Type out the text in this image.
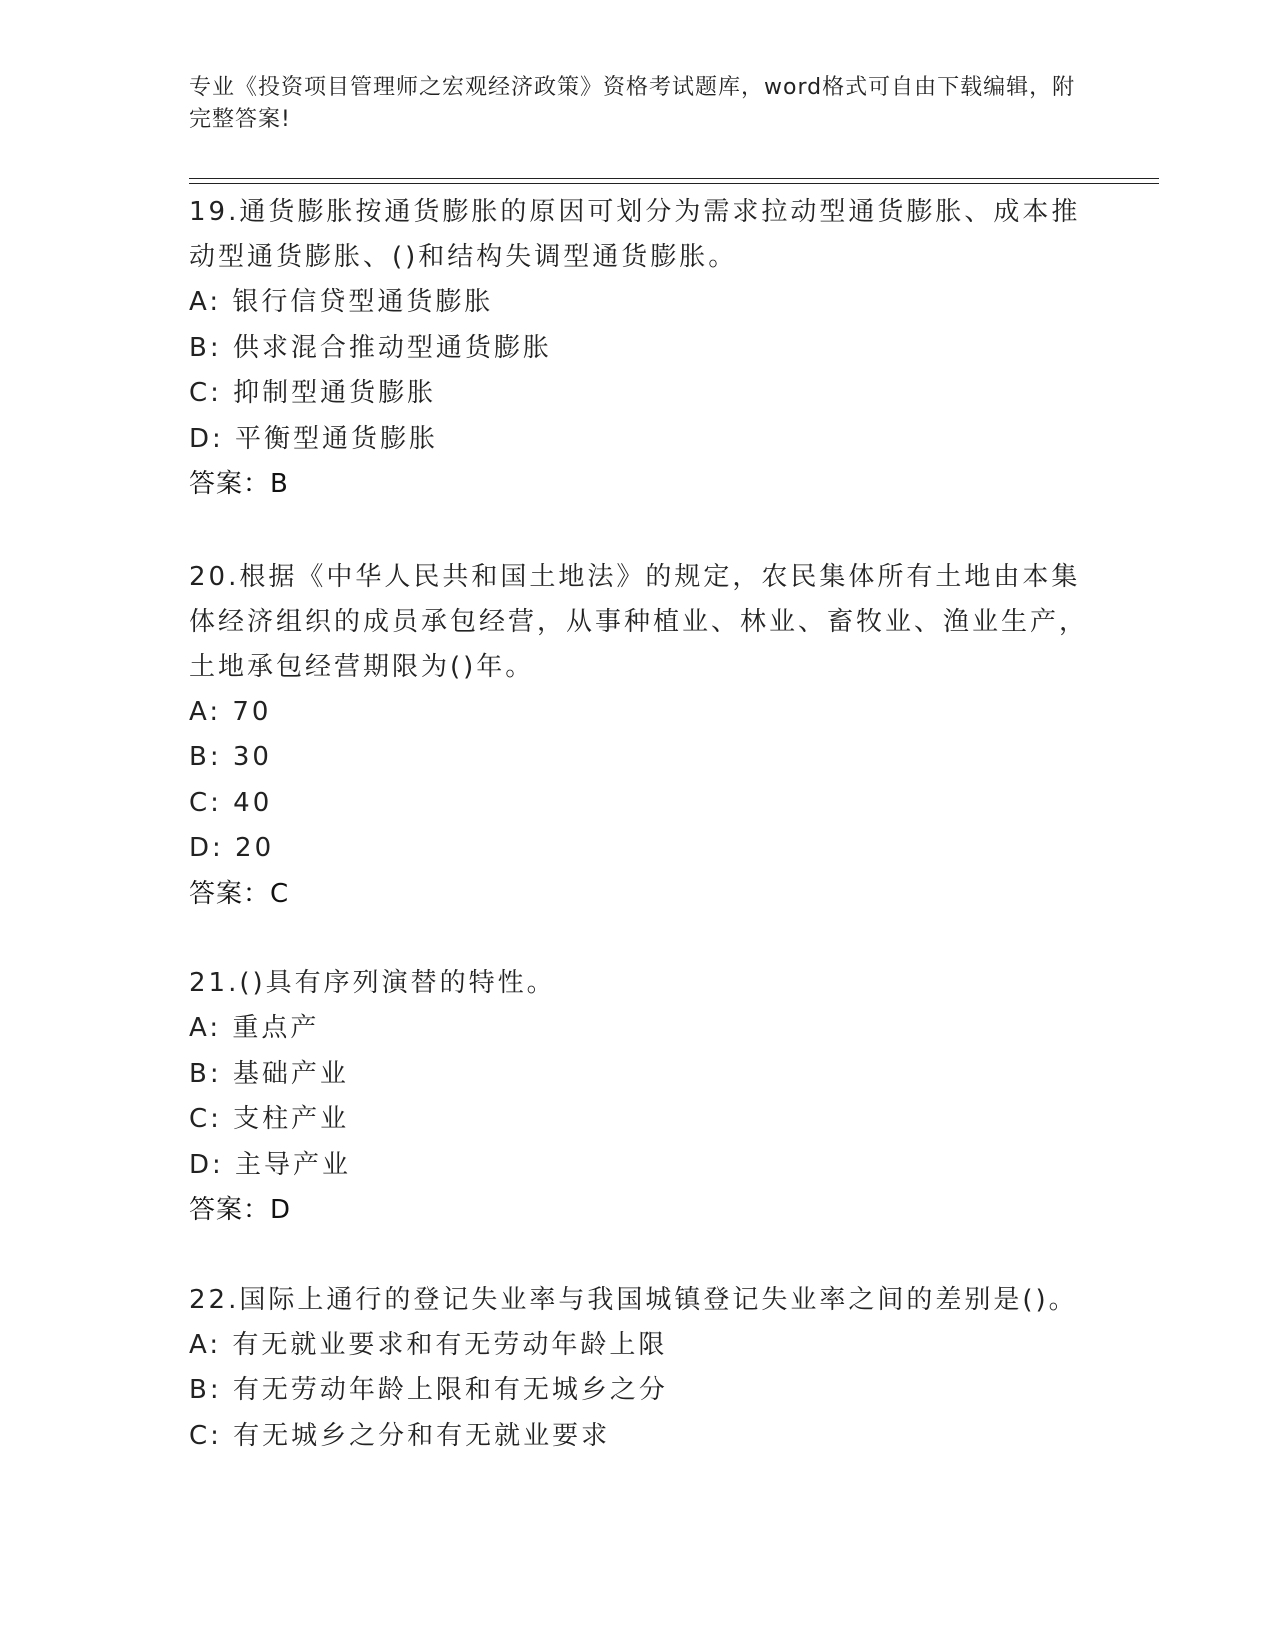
专业《投资项目管理师之宏观经济政策》资格考试题库，word格式可自由下载编辑，附完整答案!

19.通货膨胀按通货膨胀的原因可划分为需求拉动型通货膨胀、成本推动型通货膨胀、()和结构失调型通货膨胀。

A: 银行信贷型通货膨胀

B: 供求混合推动型通货膨胀

C: 抑制型通货膨胀

D: 平衡型通货膨胀

答案：B

20.根据《中华人民共和国土地法》的规定，农民集体所有土地由本集体经济组织的成员承包经营，从事种植业、林业、畜牧业、渔业生产，土地承包经营期限为()年。

A: 70

B: 30

C: 40

D: 20

答案：C

21.()具有序列演替的特性。

A: 重点产

B: 基础产业

C: 支柱产业

D: 主导产业

答案：D

22.国际上通行的登记失业率与我国城镇登记失业率之间的差别是()。

A: 有无就业要求和有无劳动年龄上限

B: 有无劳动年龄上限和有无城乡之分

C: 有无城乡之分和有无就业要求
